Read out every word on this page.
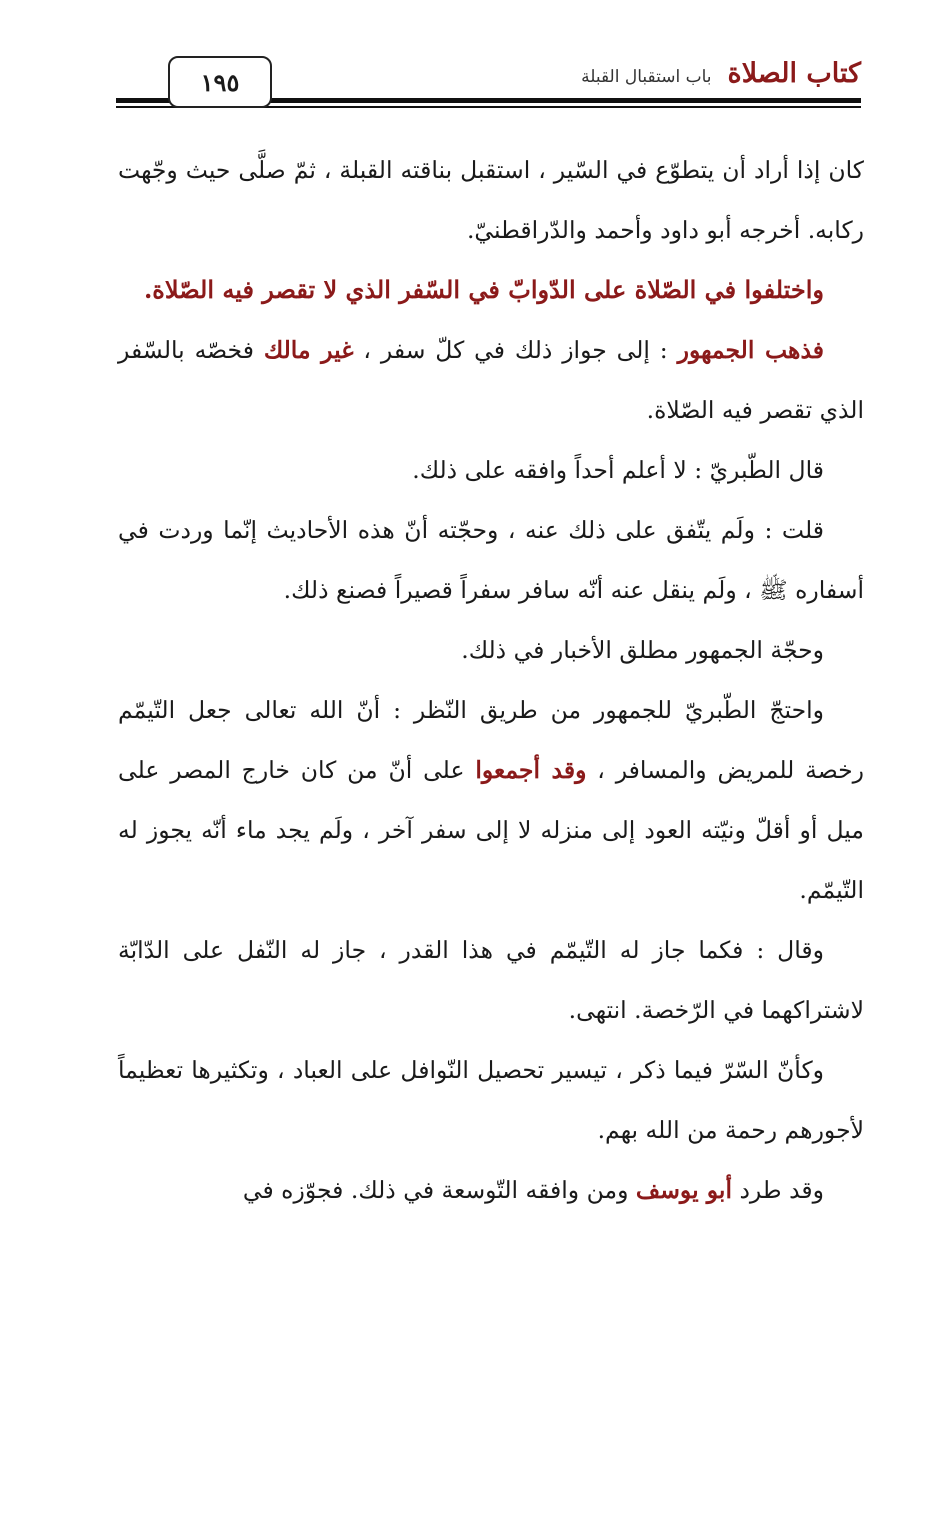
١٩٥	كتاب الصلاة
باب استقبال القبلة

كان إذا أراد أن يتطوّع في السّير ، استقبل بناقته القبلة ، ثمّ صلَّى حيث وجّهت ركابه. أخرجه أبو داود وأحمد والدّراقطنيّ.

واختلفوا في الصّلاة على الدّوابّ في السّفر الذي لا تقصر فيه الصّلاة.

فذهب الجمهور : إلى جواز ذلك في كلّ سفر ، غير مالك فخصّه بالسّفر الذي تقصر فيه الصّلاة.

قال الطّبريّ : لا أعلم أحداً وافقه على ذلك.

قلت : ولَم يتّفق على ذلك عنه ، وحجّته أنّ هذه الأحاديث إنّما وردت في أسفاره ﷺ ، ولَم ينقل عنه أنّه سافر سفراً قصيراً فصنع ذلك.

وحجّة الجمهور مطلق الأخبار في ذلك.

واحتجّ الطّبريّ للجمهور من طريق النّظر : أنّ الله تعالى جعل التّيمّم رخصة للمريض والمسافر ، وقد أجمعوا على أنّ من كان خارج المصر على ميل أو أقلّ ونيّته العود إلى منزله لا إلى سفر آخر ، ولَم يجد ماء أنّه يجوز له التّيمّم.

وقال : فكما جاز له التّيمّم في هذا القدر ، جاز له النّفل على الدّابّة لاشتراكهما في الرّخصة. انتهى.

وكأنّ السّرّ فيما ذكر ، تيسير تحصيل النّوافل على العباد ، وتكثيرها تعظيماً لأجورهم رحمة من الله بهم.

وقد طرد أبو يوسف ومن وافقه التّوسعة في ذلك. فجوّزه في
